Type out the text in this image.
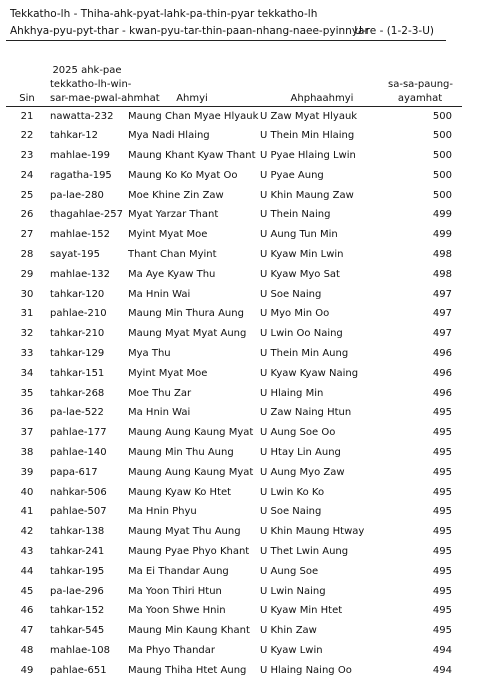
Tekkatho-lh - Thiha-ahk-pyat-lahk-pa-thin-pyar tekkatho-lh
Ahkhya-pyu-pyt-thar - kwan-pyu-tar-thin-paan-nhang-naee-pyinnyar
U-re - (1-2-3-U)
Sin	2025 ahk-pae
tekkatho-lh-win-
sar-mae-pwal-ahmhat	Ahmyi	Ahphaahmyi	sa-sa-paung-
ayamhat

21	nawatta-232	Maung Chan Myae Hlyauk	U Zaw Myat Hlyauk	500
22	tahkar-12	Mya Nadi Hlaing	U Thein Min Hlaing	500
23	mahlae-199	Maung Khant Kyaw Thant	U Pyae Hlaing Lwin	500
24	ragatha-195	Maung Ko Ko Myat Oo	U Pyae Aung	500
25	pa-lae-280	Moe Khine Zin Zaw	U Khin Maung Zaw	500
26	thagahlae-257	Myat Yarzar Thant	U Thein Naing	499
27	mahlae-152	Myint Myat Moe	U Aung Tun Min	499
28	sayat-195	Thant Chan Myint	U Kyaw Min Lwin	498
29	mahlae-132	Ma Aye Kyaw Thu	U Kyaw Myo Sat	498
30	tahkar-120	Ma Hnin Wai	U Soe Naing	497
31	pahlae-210	Maung Min Thura Aung	U Myo Min Oo	497
32	tahkar-210	Maung Myat Myat Aung	U Lwin Oo Naing	497
33	tahkar-129	Mya Thu	U Thein Min Aung	496
34	tahkar-151	Myint Myat Moe	U Kyaw Kyaw Naing	496
35	tahkar-268	Moe Thu Zar	U Hlaing Min	496
36	pa-lae-522	Ma Hnin Wai	U Zaw Naing Htun	495
37	pahlae-177	Maung Aung Kaung Myat	U Aung Soe Oo	495
38	pahlae-140	Maung Min Thu Aung	U Htay Lin Aung	495
39	papa-617	Maung Aung Kaung Myat	U Aung Myo Zaw	495
40	nahkar-506	Maung Kyaw Ko Htet	U Lwin Ko Ko	495
41	pahlae-507	Ma Hnin Phyu	U Soe Naing	495
42	tahkar-138	Maung Myat Thu Aung	U Khin Maung Htway	495
43	tahkar-241	Maung Pyae Phyo Khant	U Thet Lwin Aung	495
44	tahkar-195	Ma Ei Thandar Aung	U Aung Soe	495
45	pa-lae-296	Ma Yoon Thiri Htun	U Lwin Naing	495
46	tahkar-152	Ma Yoon Shwe Hnin	U Kyaw Min Htet	495
47	tahkar-545	Maung Min Kaung Khant	U Khin Zaw	495
48	mahlae-108	Ma Phyo Thandar	U Kyaw Lwin	494
49	pahlae-651	Maung Thiha Htet Aung	U Hlaing Naing Oo	494
